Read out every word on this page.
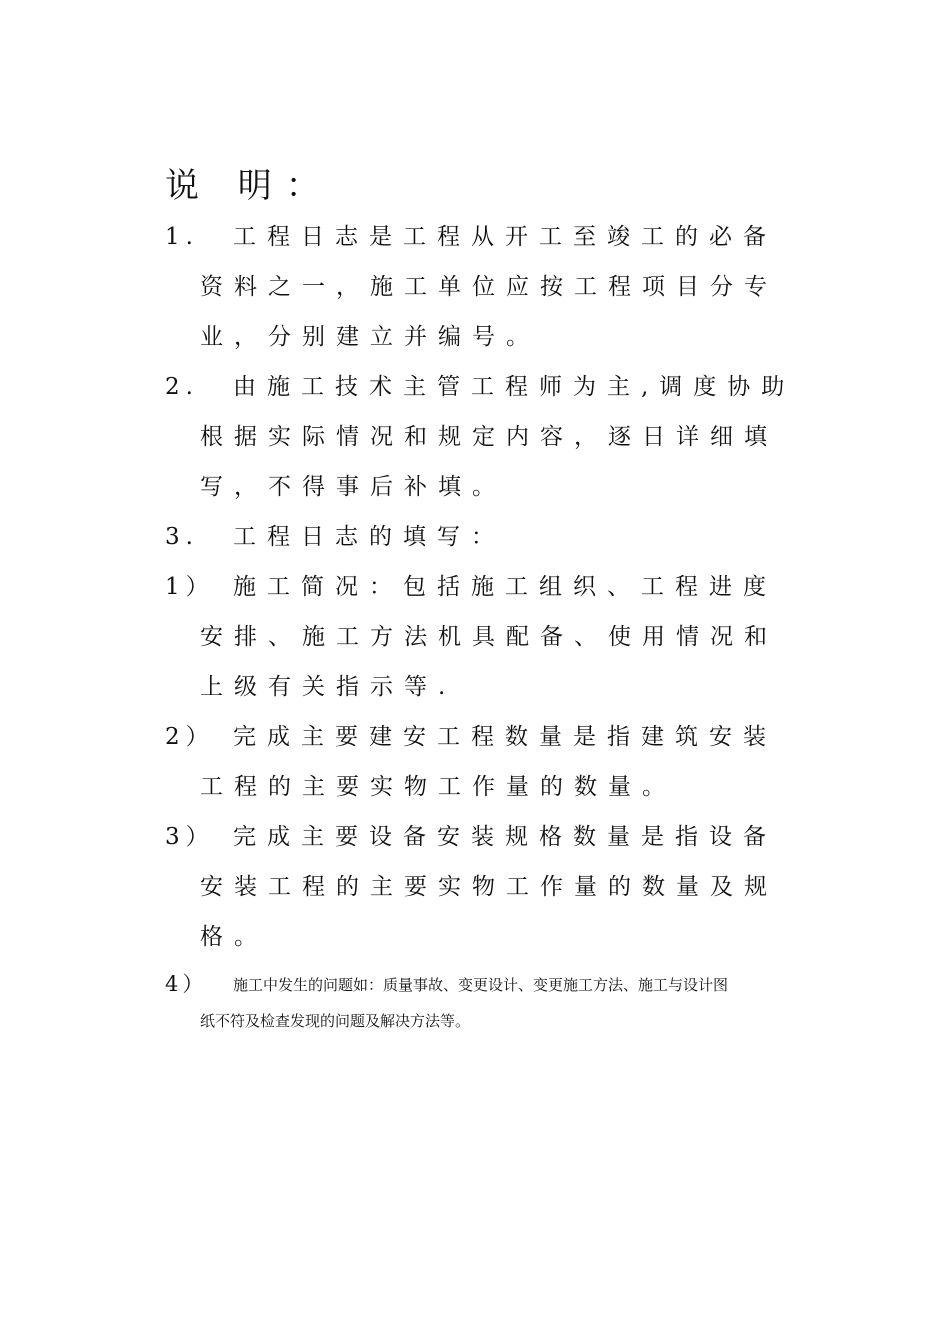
说 明：
1. 工程日志是工程从开工至竣工的必备
资料之一，施工单位应按工程项目分专
业，分别建立并编号。
2. 由施工技术主管工程师为主,调度协助
根据实际情况和规定内容，逐日详细填
写，不得事后补填。
3. 工程日志的填写：
1） 施工简况：包括施工组织、工程进度
安排、施工方法机具配备、使用情况和
上级有关指示等.
2） 完成主要建安工程数量是指建筑安装
工程的主要实物工作量的数量。
3） 完成主要设备安装规格数量是指设备
安装工程的主要实物工作量的数量及规
格。
4） 施工中发生的问题如：质量事故、变更设计、变更施工方法、施工与设计图
纸不符及检查发现的问题及解决方法等。
